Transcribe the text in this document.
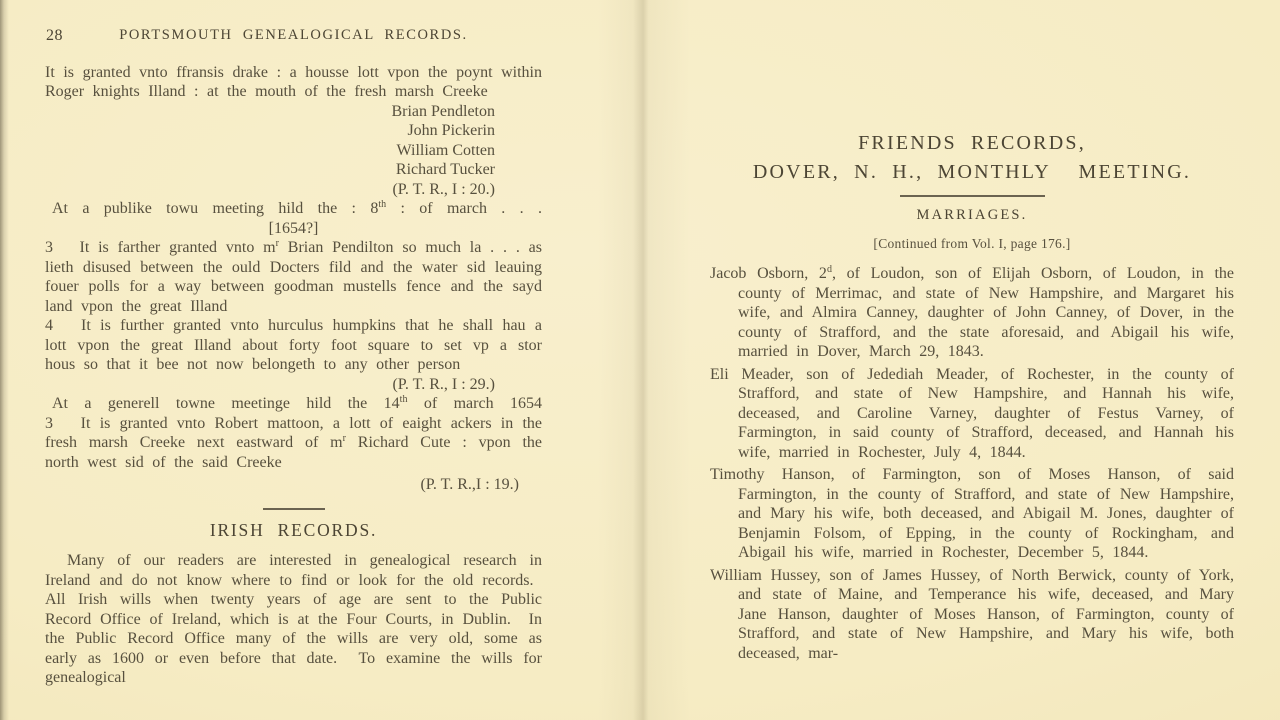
28	PORTSMOUTH GENEALOGICAL RECORDS.

It is granted vnto ffransis drake : a housse lott vpon the poynt within Roger knights Illand : at the mouth of the fresh marsh Creeke

Brian Pendleton
John Pickerin
William Cotten
Richard Tucker
(P. T. R., I : 20.)

At a publike towu meeting hild the : 8th : of march . . .

[1654?]

3   It is farther granted vnto $m^r$ Brian Pendilton so much la . . . as lieth disused between the ould Docters fild and the water sid leauing fouer polls for a way between goodman mustells fence and the sayd land vpon the great Illand

4   It is further granted vnto hurculus humpkins that he shall hau a lott vpon the great Illand about forty foot square to set vp a stor hous so that it bee not now belongeth to any other person

(P. T. R., I : 29.)

At a generell towne meetinge hild the 14th of march 1654

3   It is granted vnto Robert mattoon, a lott of eaight ackers in the fresh marsh Creeke next eastward of $m^r$ Richard Cute : vpon the north west sid of the said Creeke

(P. T. R.,I : 19.)

IRISH RECORDS.

Many of our readers are interested in genealogical research in Ireland and do not know where to find or look for the old records.  All Irish wills when twenty years of age are sent to the Public Record Office of Ireland, which is at the Four Courts, in Dublin.  In the Public Record Office many of the wills are very old, some as early as 1600 or even before that date.  To examine the wills for genealogical

FRIENDS RECORDS,
DOVER, N. H., MONTHLY  MEETING.
MARRIAGES.
[Continued from Vol. I, page 176.]

Jacob Osborn, 2$^d$, of Loudon, son of Elijah Osborn, of Loudon, in the county of Merrimac, and state of New Hampshire, and Margaret his wife, and Almira Canney, daughter of John Canney, of Dover, in the county of Strafford, and the state aforesaid, and Abigail his wife, married in Dover, March 29, 1843.

Eli Meader, son of Jedediah Meader, of Rochester, in the county of Strafford, and state of New Hampshire, and Hannah his wife, deceased, and Caroline Varney, daughter of Festus Varney, of Farmington, in said county of Strafford, deceased, and Hannah his wife, married in Rochester, July 4, 1844.

Timothy Hanson, of Farmington, son of Moses Hanson, of said Farmington, in the county of Strafford, and state of New Hampshire, and Mary his wife, both deceased, and Abigail M. Jones, daughter of Benjamin Folsom, of Epping, in the county of Rockingham, and Abigail his wife, married in Rochester, December 5, 1844.

William Hussey, son of James Hussey, of North Berwick, county of York, and state of Maine, and Temperance his wife, deceased, and Mary Jane Hanson, daughter of Moses Hanson, of Farmington, county of Strafford, and state of New Hampshire, and Mary his wife, both deceased, mar-
